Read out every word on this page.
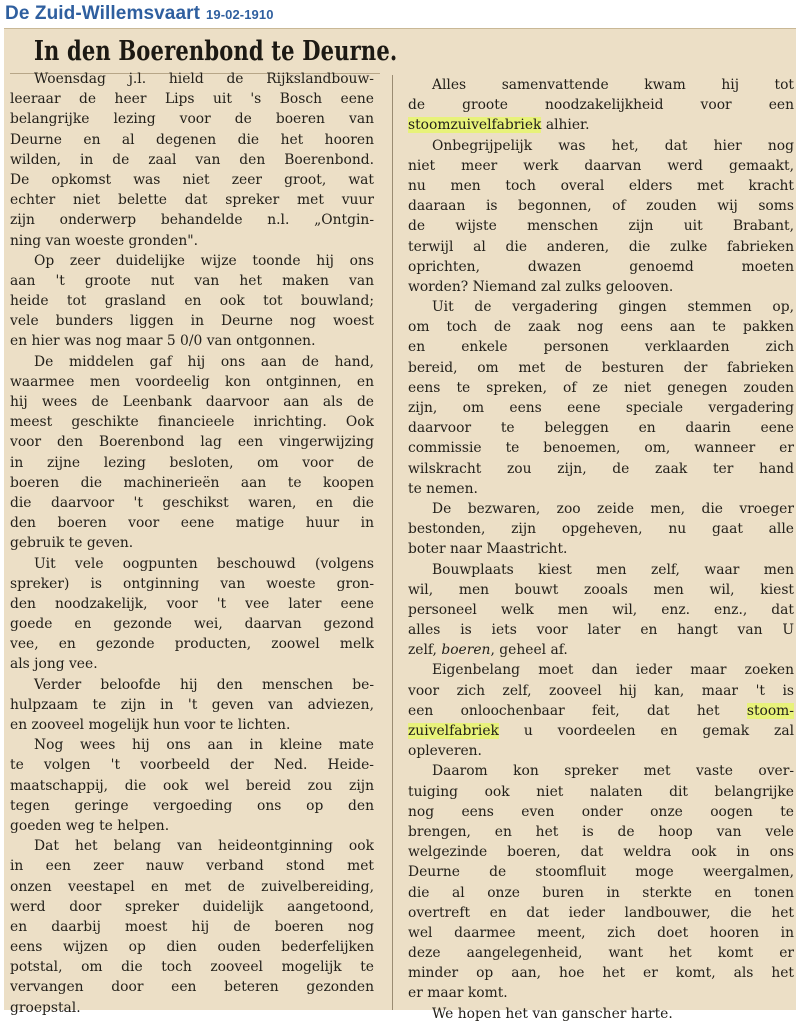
De Zuid-Willemsvaart 19-02-1910
In den Boerenbond te Deurne.
Woensdag j.l. hield de Rijkslandbouw-
leeraar de heer Lips uit 's Bosch eene
belangrijke lezing voor de boeren van
Deurne en al degenen die het hooren
wilden, in de zaal van den Boerenbond.
De opkomst was niet zeer groot, wat
echter niet belette dat spreker met vuur
zijn onderwerp behandelde n.l. „Ontgin-
ning van woeste gronden".
Op zeer duidelijke wijze toonde hij ons
aan 't groote nut van het maken van
heide tot grasland en ook tot bouwland;
vele bunders liggen in Deurne nog woest
en hier was nog maar 5 0/0 van ontgonnen.
De middelen gaf hij ons aan de hand,
waarmee men voordeelig kon ontginnen, en
hij wees de Leenbank daarvoor aan als de
meest geschikte financieele inrichting. Ook
voor den Boerenbond lag een vingerwijzing
in zijne lezing besloten, om voor de
boeren die machinerieën aan te koopen
die daarvoor 't geschikst waren, en die
den boeren voor eene matige huur in
gebruik te geven.
Uit vele oogpunten beschouwd (volgens
spreker) is ontginning van woeste gron-
den noodzakelijk, voor 't vee later eene
goede en gezonde wei, daarvan gezond
vee, en gezonde producten, zoowel melk
als jong vee.
Verder beloofde hij den menschen be-
hulpzaam te zijn in 't geven van adviezen,
en zooveel mogelijk hun voor te lichten.
Nog wees hij ons aan in kleine mate
te volgen 't voorbeeld der Ned. Heide-
maatschappij, die ook wel bereid zou zijn
tegen geringe vergoeding ons op den
goeden weg te helpen.
Dat het belang van heideontginning ook
in een zeer nauw verband stond met
onzen veestapel en met de zuivelbereiding,
werd door spreker duidelijk aangetoond,
en daarbij moest hij de boeren nog
eens wijzen op dien ouden bederfelijken
potstal, om die toch zooveel mogelijk te
vervangen door een beteren gezonden
groepstal.
Alles samenvattende kwam hij tot
de groote noodzakelijkheid voor een
stoomzuivelfabriek alhier.
Onbegrijpelijk was het, dat hier nog
niet meer werk daarvan werd gemaakt,
nu men toch overal elders met kracht
daaraan is begonnen, of zouden wij soms
de wijste menschen zijn uit Brabant,
terwijl al die anderen, die zulke fabrieken
oprichten, dwazen genoemd moeten
worden? Niemand zal zulks gelooven.
Uit de vergadering gingen stemmen op,
om toch de zaak nog eens aan te pakken
en enkele personen verklaarden zich
bereid, om met de besturen der fabrieken
eens te spreken, of ze niet genegen zouden
zijn, om eens eene speciale vergadering
daarvoor te beleggen en daarin eene
commissie te benoemen, om, wanneer er
wilskracht zou zijn, de zaak ter hand
te nemen.
De bezwaren, zoo zeide men, die vroeger
bestonden, zijn opgeheven, nu gaat alle
boter naar Maastricht.
Bouwplaats kiest men zelf, waar men
wil, men bouwt zooals men wil, kiest
personeel welk men wil, enz. enz., dat
alles is iets voor later en hangt van U
zelf, boeren, geheel af.
Eigenbelang moet dan ieder maar zoeken
voor zich zelf, zooveel hij kan, maar 't is
een onloochenbaar feit, dat het stoom-
zuivelfabriek u voordeelen en gemak zal
opleveren.
Daarom kon spreker met vaste over-
tuiging ook niet nalaten dit belangrijke
nog eens even onder onze oogen te
brengen, en het is de hoop van vele
welgezinde boeren, dat weldra ook in ons
Deurne de stoomfluit moge weergalmen,
die al onze buren in sterkte en tonen
overtreft en dat ieder landbouwer, die het
wel daarmee meent, zich doet hooren in
deze aangelegenheid, want het komt er
minder op aan, hoe het er komt, als het
er maar komt.
We hopen het van ganscher harte.
